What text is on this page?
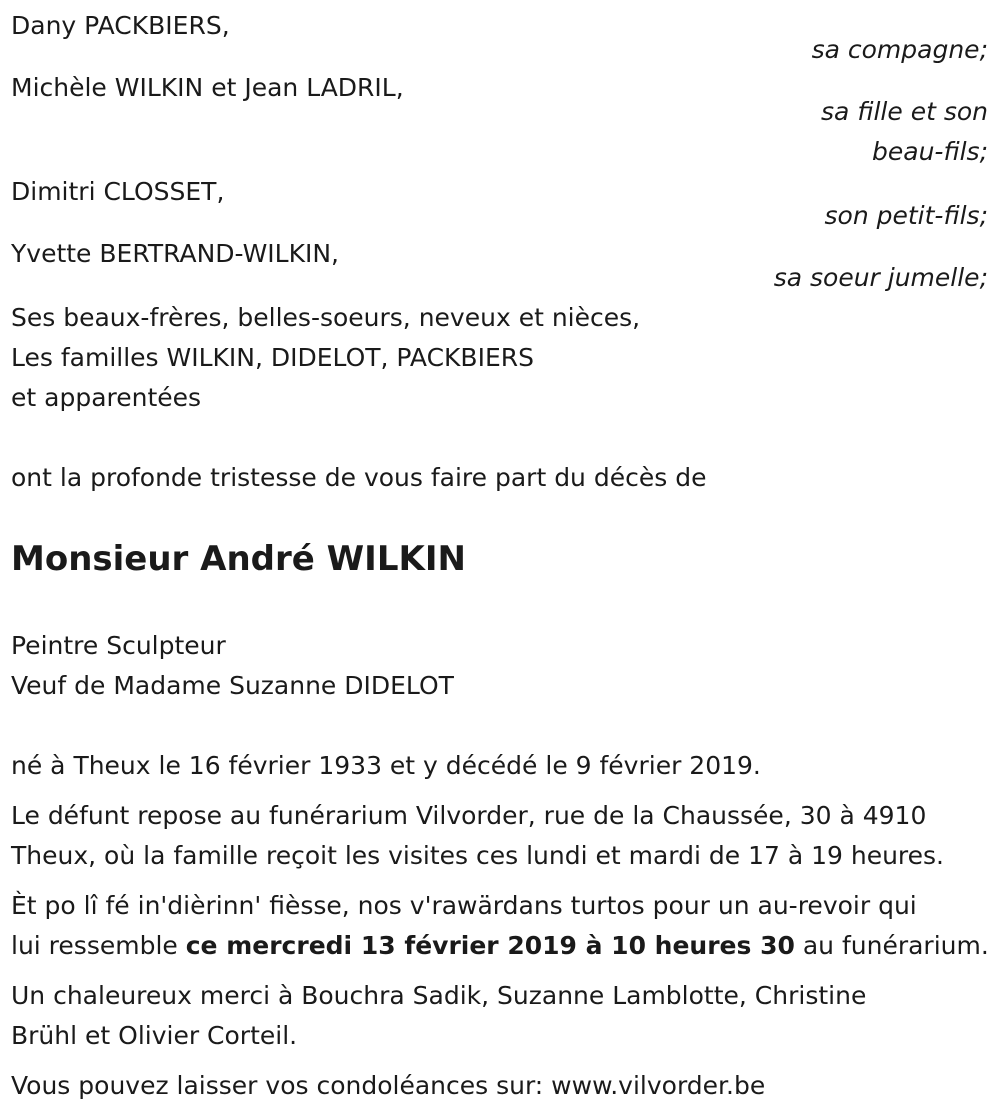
Dany PACKBIERS,
sa compagne;
Michèle WILKIN et Jean LADRIL,
sa fille et son
beau-fils;
Dimitri CLOSSET,
son petit-fils;
Yvette BERTRAND-WILKIN,
sa soeur jumelle;
Ses beaux-frères, belles-soeurs, neveux et nièces,
Les familles WILKIN, DIDELOT, PACKBIERS
et apparentées
ont la profonde tristesse de vous faire part du décès de
Monsieur André WILKIN
Peintre Sculpteur
Veuf de Madame Suzanne DIDELOT
né à Theux le 16 février 1933 et y décédé le 9 février 2019.
Le défunt repose au funérarium Vilvorder, rue de la Chaussée, 30 à 4910
Theux, où la famille reçoit les visites ces lundi et mardi de 17 à 19 heures.
Èt po lî fé in'dièrinn' fièsse, nos v'rawärdans turtos pour un au-revoir qui
lui ressemble ce mercredi 13 février 2019 à 10 heures 30 au funérarium.
Un chaleureux merci à Bouchra Sadik, Suzanne Lamblotte, Christine
Brühl et Olivier Corteil.
Vous pouvez laisser vos condoléances sur: www.vilvorder.be
